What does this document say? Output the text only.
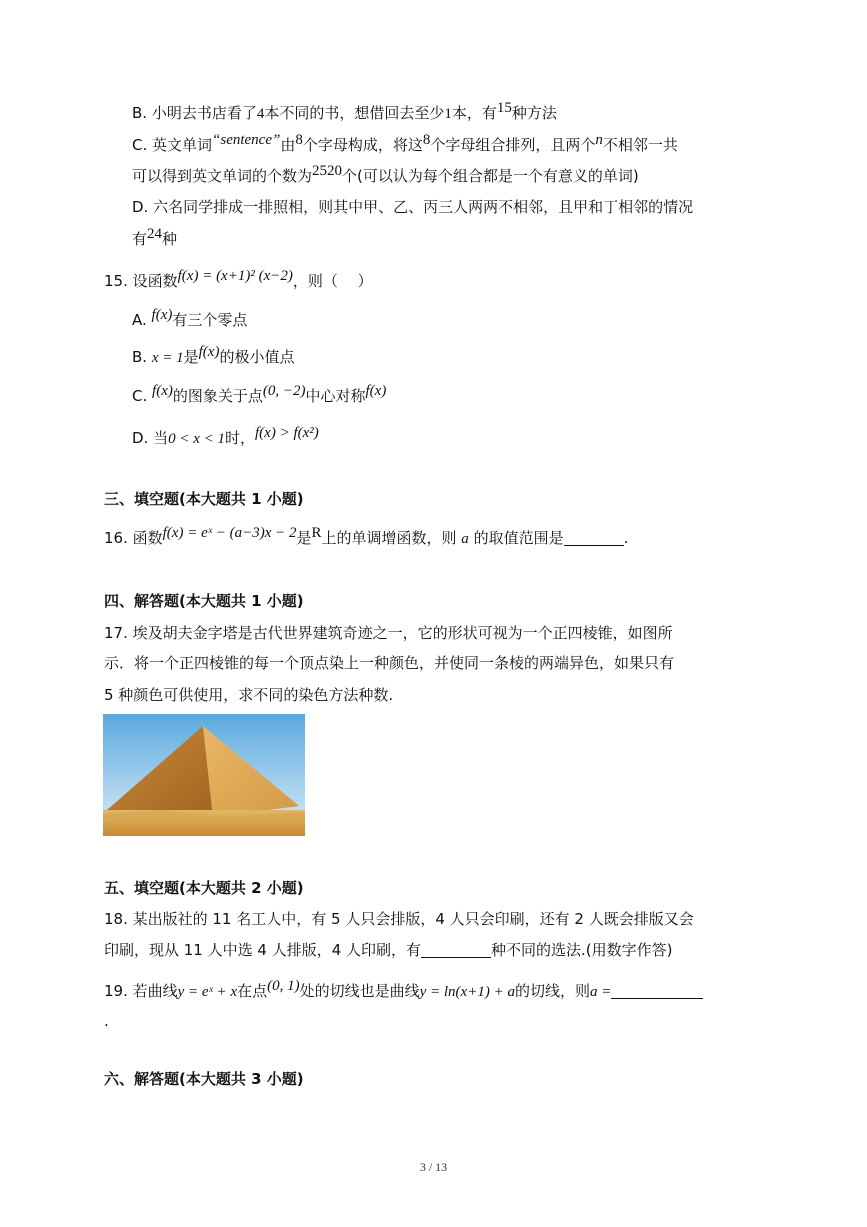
B. 小明去书店看了4本不同的书，想借回去至少1本，有15种方法
C. 英文单词“sentence”由8个字母构成，将这8个字母组合排列，且两个n不相邻一共
可以得到英文单词的个数为2520个(可以认为每个组合都是一个有意义的单词)
D. 六名同学排成一排照相，则其中甲、乙、丙三人两两不相邻，且甲和丁相邻的情况
有24种
15. 设函数f(x) = (x+1)² (x−2)，则（　 ）
A. f(x)有三个零点
B. x = 1是f(x)的极小值点
C. f(x)的图象关于点(0, −2)中心对称f(x)
D. 当0 < x < 1时，f(x) > f(x²)
三、填空题(本大题共 1 小题)
16. 函数f(x) = eˣ − (a−3)x − 2是R上的单调增函数，则 a 的取值范围是	.
四、解答题(本大题共 1 小题)
17. 埃及胡夫金字塔是古代世界建筑奇迹之一，它的形状可视为一个正四棱锥，如图所
示．将一个正四棱锥的每一个顶点染上一种颜色，并使同一条棱的两端异色，如果只有
5 种颜色可供使用，求不同的染色方法种数.
五、填空题(本大题共 2 小题)
18. 某出版社的 11 名工人中，有 5 人只会排版，4 人只会印刷，还有 2 人既会排版又会
印刷，现从 11 人中选 4 人排版，4 人印刷，有	种不同的选法.(用数字作答)
19. 若曲线y = eˣ + x在点(0, 1)处的切线也是曲线y = ln(x+1) + a的切线，则a =
.
六、解答题(本大题共 3 小题)
3 / 13
